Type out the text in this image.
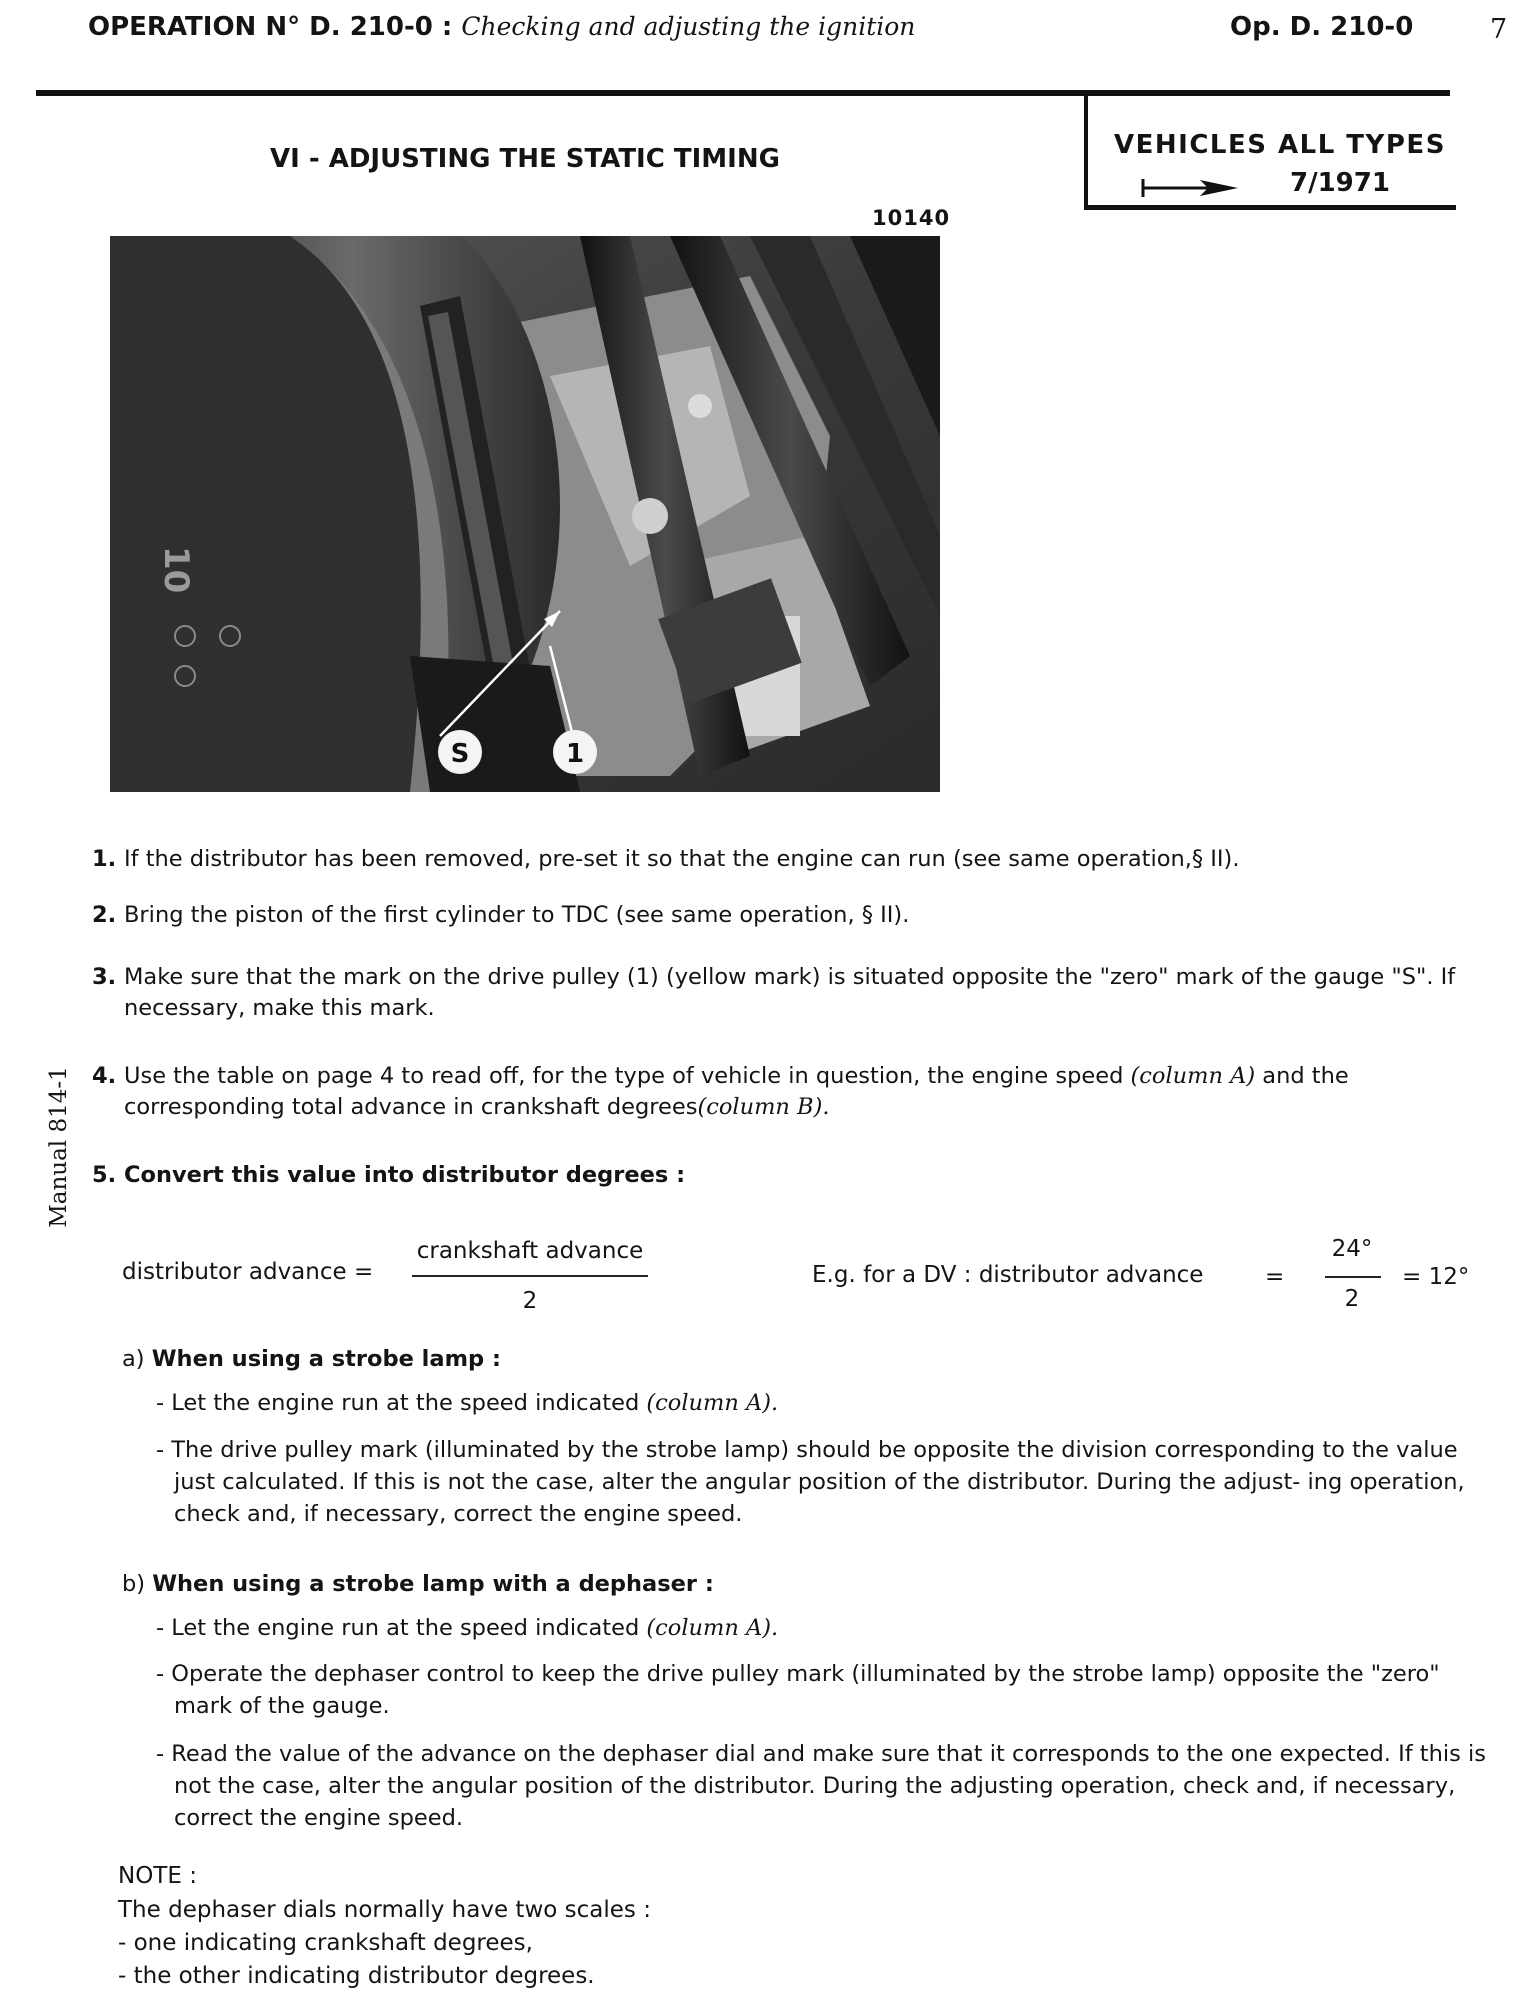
OPERATION N° D. 210-0 : Checking and adjusting the ignition	Op. D. 210-0	7
VEHICLES ALL TYPES
7/1971
VI - ADJUSTING THE STATIC TIMING
10140
10
S	1
1. If the distributor has been removed, pre-set it so that the engine can run (see same operation,§ II).
2. Bring the piston of the first cylinder to TDC (see same operation, § II).
3. Make sure that the mark on the drive pulley (1) (yellow mark) is situated opposite the "zero" mark of the gauge "S". If necessary, make this mark.
4. Use the table on page 4 to read off, for the type of vehicle in question, the engine speed (column A) and the corresponding total advance in crankshaft degrees(column B).
5. Convert this value into distributor degrees :
distributor advance =
crankshaft advance
2
E.g. for a DV : distributor advance	=
24°
2
= 12°
a) When using a strobe lamp :
- Let the engine run at the speed indicated (column A).
- The drive pulley mark (illuminated by the strobe lamp) should be opposite the division corresponding to the value just calculated. If this is not the case, alter the angular position of the distributor. During the adjust- ing operation, check and, if necessary, correct the engine speed.
b) When using a strobe lamp with a dephaser :
- Let the engine run at the speed indicated (column A).
- Operate the dephaser control to keep the drive pulley mark (illuminated by the strobe lamp) opposite the "zero" mark of the gauge.
- Read the value of the advance on the dephaser dial and make sure that it corresponds to the one expected. If this is not the case, alter the angular position of the distributor. During the adjusting operation, check and, if necessary, correct the engine speed.
NOTE :
The dephaser dials normally have two scales :
- one indicating crankshaft degrees,
- the other indicating distributor degrees.
Manual 814-1
